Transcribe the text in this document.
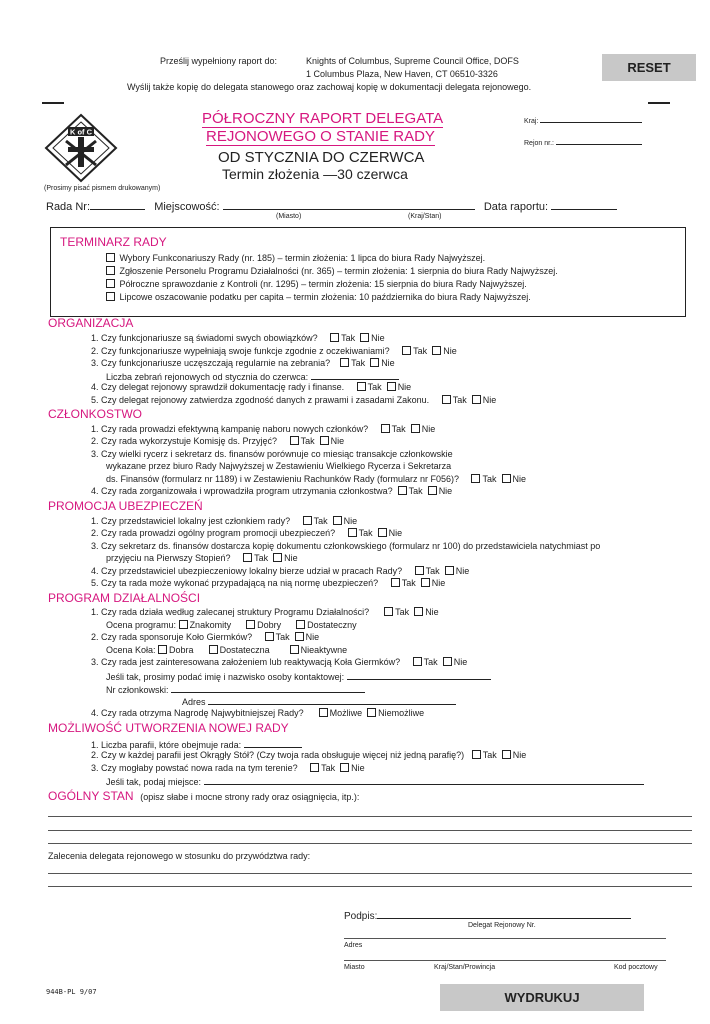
Prześlij wypełniony raport do:	Knights of Columbus, Supreme Council Office, DOFS
1 Columbus Plaza, New Haven, CT 06510-3326
Wyślij także kopię do delegata stanowego oraz zachowaj kopię w dokumentacji delegata rejonowego.
RESET
K of C
PÓŁROCZNY RAPORT DELEGATA
REJONOWEGO O STANIE RADY
OD STYCZNIA DO CZERWCA
Termin złożenia —30 czerwca
Kraj:
Rejon nr.:
(Prosimy pisać pismem drukowanym)
Rada Nr:	Miejscowość:	Data raportu:
(Miasto)	(Kraj/Stan)
TERMINARZ RADY
Wybory Funkconariuszy Rady (nr. 185) – termin złożenia: 1 lipca do biura Rady Najwyższej.
Zgłoszenie Personelu Programu Działalności (nr. 365) – termin złożenia: 1 sierpnia do biura Rady Najwyższej.
Półroczne sprawozdanie z Kontroli (nr. 1295) – termin złożenia: 15 sierpnia do biura Rady Najwyższej.
Lipcowe oszacowanie podatku per capita – termin złożenia: 10 października do biura Rady Najwyższej.
ORGANIZACJA
1. Czy funkcjonariusze są świadomi swych obowiązków?	Tak Nie
2. Czy funkcjonariusze wypełniają swoje funkcje zgodnie z oczekiwaniami?	Tak Nie
3. Czy funkcjonariusze uczęszczają regularnie na zebrania? Tak Nie
Liczba zebrań rejonowych od stycznia do czerwca:
4. Czy delegat rejonowy sprawdził dokumentację rady i finanse.	Tak Nie
5. Czy delegat rejonowy zatwierdza zgodność danych z prawami i zasadami Zakonu.	Tak Nie
CZŁONKOSTWO
1. Czy rada prowadzi efektywną kampanię naboru nowych członków?	Tak Nie
2. Czy rada wykorzystuje Komisję ds. Przyjęć?	Tak Nie
3. Czy wielki rycerz i sekretarz ds. finansów porównuje co miesiąc transakcje członkowskie
wykazane przez biuro Rady Najwyższej w Zestawieniu Wielkiego Rycerza i Sekretarza
ds. Finansów (formularz nr 1189) i w Zestawieniu Rachunków Rady (formularz nr F056)?	Tak Nie
4. Czy rada zorganizowała i wprowadziła program utrzymania członkostwa? Tak Nie
PROMOCJA UBEZPIECZEŃ
1. Czy przedstawiciel lokalny jest członkiem rady?	Tak Nie
2. Czy rada prowadzi ogólny program promocji ubezpieczeń?	Tak Nie
3. Czy sekretarz ds. finansów dostarcza kopię dokumentu członkowskiego (formularz nr 100) do przedstawiciela natychmiast po
przyjęciu na Pierwszy Stopień?	Tak Nie
4. Czy przedstawiciel ubezpieczeniowy lokalny bierze udział w pracach Rady?	Tak Nie
5. Czy ta rada może wykonać przypadającą na nią normę ubezpieczeń?	Tak Nie
PROGRAM DZIAŁALNOŚCI
1. Czy rada działa według zalecanej struktury Programu Działalności?	Tak Nie
Ocena programu: Znakomity	Dobry	Dostateczny
2. Czy rada sponsoruje Koło Giermków?	Tak Nie
Ocena Koła: Dobra	Dostateczna	Nieaktywne
3. Czy rada jest zainteresowana założeniem lub reaktywacją Koła Giermków?	Tak Nie
Jeśli tak, prosimy podać imię i nazwisko osoby kontaktowej:
Nr członkowski:
Adres
4. Czy rada otrzyma Nagrodę Najwybitniejszej Rady?	Możliwe Niemożliwe
MOŻLIWOŚĆ UTWORZENIA NOWEJ RADY
1. Liczba parafii, które obejmuje rada:
2. Czy w każdej parafii jest Okrągły Stół? (Czy twoja rada obsługuje więcej niż jedną parafię?) Tak Nie
3. Czy mogłaby powstać nowa rada na tym terenie?	Tak Nie
Jeśli tak, podaj miejsce:
OGÓLNY STAN (opisz słabe i mocne strony rady oraz osiągnięcia, itp.):
Zalecenia delegata rejonowego w stosunku do przywództwa rady:
Podpis:
Delegat Rejonowy Nr.
Adres
Miasto	Kraj/Stan/Prowincja	Kod pocztowy
944B-PL 9/07	WYDRUKUJ
